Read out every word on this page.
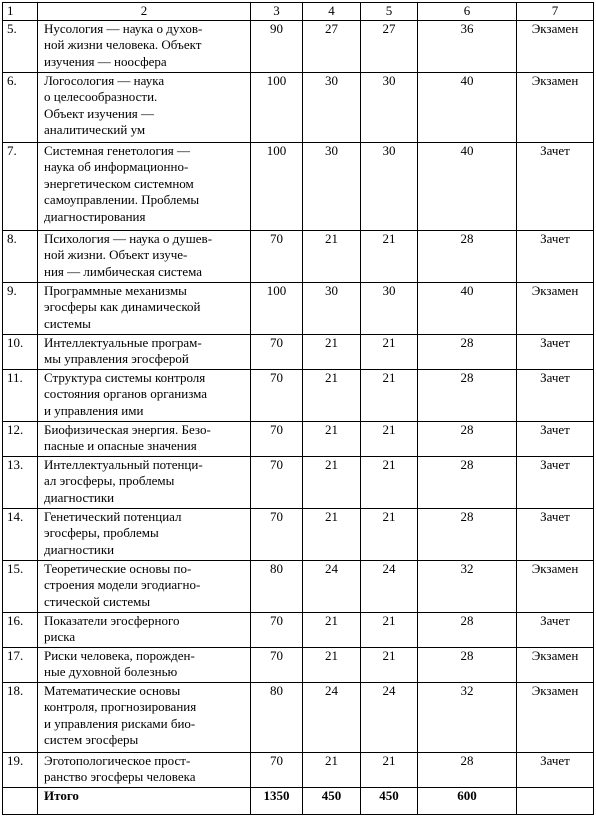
1	2	3	4	5	6	7
5.	Нусология — наука о духов-
ной жизни человека. Объект
изучения — ноосфера	90	27	27	36	Экзамен
6.	Логосология — наука
о целесообразности.
Объект изучения —
аналитический ум	100	30	30	40	Экзамен
7.	Системная генетология —
наука об информационно-
энергетическом системном
самоуправлении. Проблемы
диагностирования	100	30	30	40	Зачет
8.	Психология — наука о душев-
ной жизни. Объект изуче-
ния — лимбическая система	70	21	21	28	Зачет
9.	Программные механизмы
эгосферы как динамической
системы	100	30	30	40	Экзамен
10.	Интеллектуальные програм-
мы управления эгосферой	70	21	21	28	Зачет
11.	Структура системы контроля
состояния органов организма
и управления ими	70	21	21	28	Зачет
12.	Биофизическая энергия. Безо-
пасные и опасные значения	70	21	21	28	Зачет
13.	Интеллектуальный потенци-
ал эгосферы, проблемы
диагностики	70	21	21	28	Зачет
14.	Генетический потенциал
эгосферы, проблемы
диагностики	70	21	21	28	Зачет
15.	Теоретические основы по-
строения модели эгодиагно-
стической системы	80	24	24	32	Экзамен
16.	Показатели эгосферного
риска	70	21	21	28	Зачет
17.	Риски человека, порожден-
ные духовной болезнью	70	21	21	28	Экзамен
18.	Математические основы
контроля, прогнозирования
и управления рисками био-
систем эгосферы	80	24	24	32	Экзамен
19.	Эготопологическое прост-
ранство эгосферы человека	70	21	21	28	Зачет
	Итого	1350	450	450	600	
